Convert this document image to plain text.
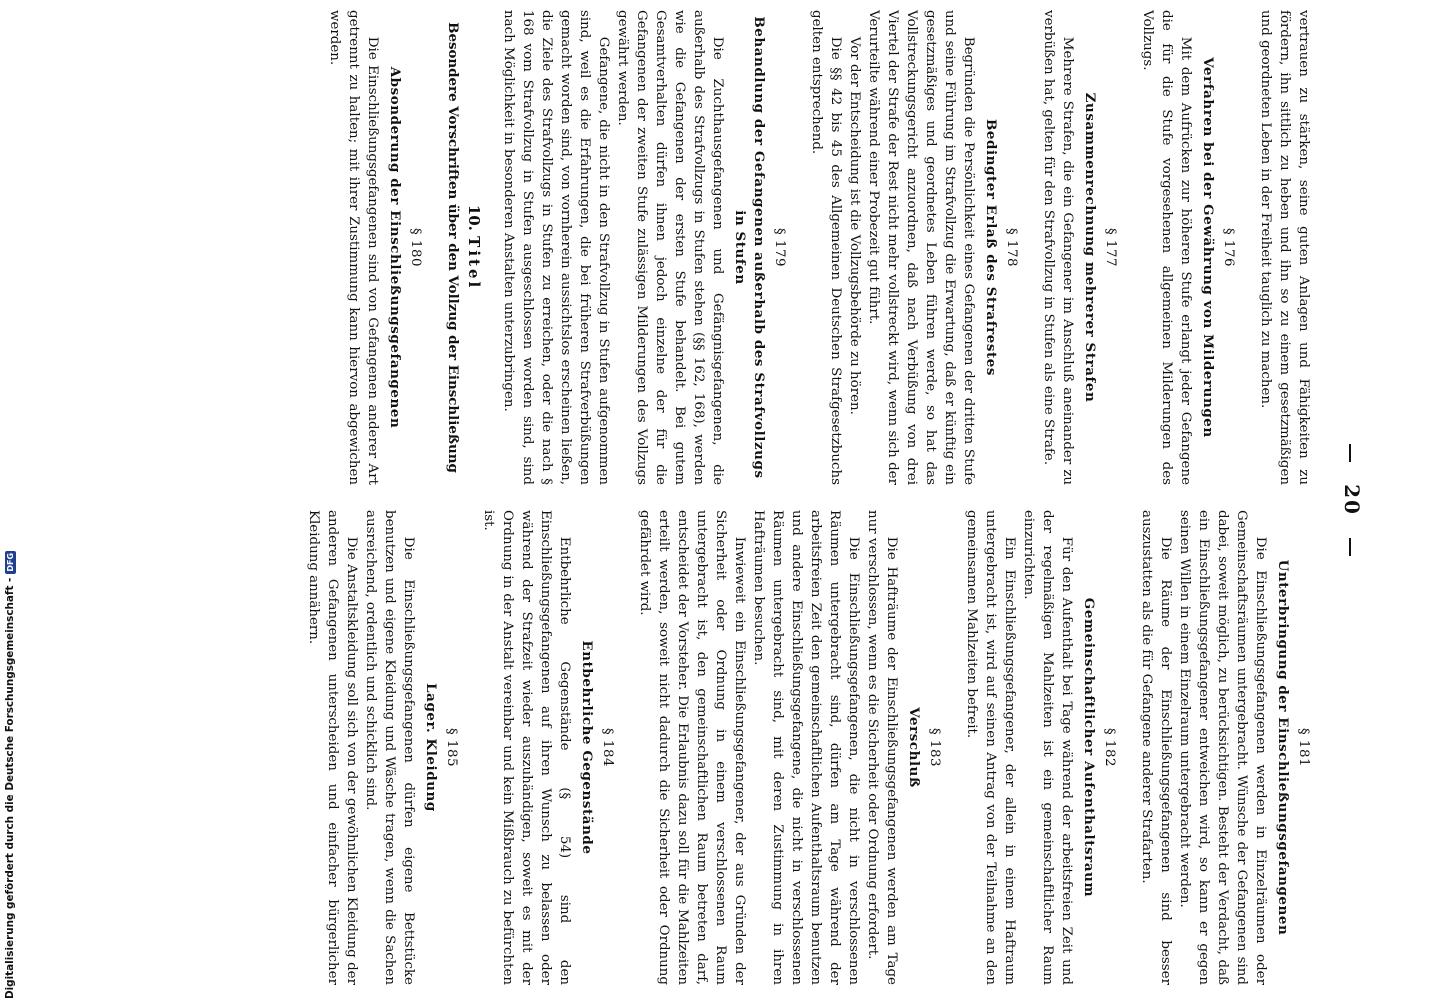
20
vertrauen zu stärken, seine guten Anlagen und Fähigkeiten zu fördern, ihn sittlich zu heben und ihn so zu einem gesetzmäßigen und geordneten Leben in der Freiheit tauglich zu machen.
§ 176
Verfahren bei der Gewährung von Milderungen
Mit dem Aufrücken zur höheren Stufe erlangt jeder Gefangene die für die Stufe vorgesehenen allgemeinen Milderungen des Vollzugs.
§ 177
Zusammenrechnung mehrerer Strafen
Mehrere Strafen, die ein Gefangener im Anschluß aneinander zu verbüßen hat, gelten für den Strafvollzug in Stufen als eine Strafe.
§ 178
Bedingter Erlaß des Strafrestes
Begründen die Persönlichkeit eines Gefangenen der dritten Stufe und seine Führung im Strafvollzug die Erwartung, daß er künftig ein gesetzmäßiges und geordnetes Leben führen werde, so hat das Vollstreckungsgericht anzuordnen, daß nach Verbüßung von drei Viertel der Strafe der Rest nicht mehr vollstreckt wird, wenn sich der Verurteilte während einer Probezeit gut führt.
Vor der Entscheidung ist die Vollzugsbehörde zu hören.
Die §§ 42 bis 45 des Allgemeinen Deutschen Strafgesetzbuchs gelten entsprechend.
§ 179
Behandlung der Gefangenen außerhalb des Strafvollzugs in Stufen
Die Zuchthausgefangenen und Gefängnisgefangenen, die außerhalb des Strafvollzugs in Stufen stehen (§§ 162, 168), werden wie die Gefangenen der ersten Stufe behandelt. Bei gutem Gesamtverhalten dürfen ihnen jedoch einzelne der für die Gefangenen der zweiten Stufe zulässigen Milderungen des Vollzugs gewährt werden.
Gefangene, die nicht in den Strafvollzug in Stufen aufgenommen sind, weil es die Erfahrungen, die bei früheren Strafverbüßungen gemacht worden sind, von vornherein aussichtslos erscheinen ließen, die Ziele des Strafvollzugs in Stufen zu erreichen, oder die nach § 168 vom Strafvollzug in Stufen ausgeschlossen worden sind, sind nach Möglichkeit in besonderen Anstalten unterzubringen.
10. Titel
Besondere Vorschriften über den Vollzug der Einschließung
§ 180
Absonderung der Einschließungsgefangenen
Die Einschließungsgefangenen sind von Gefangenen anderer Art getrennt zu halten; mit ihrer Zustimmung kann hiervon abgewichen werden.
§ 181
Unterbringung der Einschließungsgefangenen
Die Einschließungsgefangenen werden in Einzelräumen oder Gemeinschaftsräumen untergebracht. Wünsche der Gefangenen sind dabei, soweit möglich, zu berücksichtigen. Besteht der Verdacht, daß ein Einschließungsgefangener entweichen wird, so kann er gegen seinen Willen in einem Einzelraum untergebracht werden.
Die Räume der Einschließungsgefangenen sind besser auszustatten als die für Gefangene anderer Strafarten.
§ 182
Gemeinschaftlicher Aufenthaltsraum
Für den Aufenthalt bei Tage während der arbeitsfreien Zeit und der regelmäßigen Mahlzeiten ist ein gemeinschaftlicher Raum einzurichten.
Ein Einschließungsgefangener, der allein in einem Haftraum untergebracht ist, wird auf seinen Antrag von der Teilnahme an den gemeinsamen Mahlzeiten befreit.
§ 183
Verschluß
Die Hafträume der Einschließungsgefangenen werden am Tage nur verschlossen, wenn es die Sicherheit oder Ordnung erfordert.
Die Einschließungsgefangenen, die nicht in verschlossenen Räumen untergebracht sind, dürfen am Tage während der arbeitsfreien Zeit den gemeinschaftlichen Aufenthaltsraum benutzen und andere Einschließungsgefangene, die nicht in verschlossenen Räumen untergebracht sind, mit deren Zustimmung in ihren Hafträumen besuchen.
Inwieweit ein Einschließungsgefangener, der aus Gründen der Sicherheit oder Ordnung in einem verschlossenen Raum untergebracht ist, den gemeinschaftlichen Raum betreten darf, entscheidet der Vorsteher. Die Erlaubnis dazu soll für die Mahlzeiten erteilt werden, soweit nicht dadurch die Sicherheit oder Ordnung gefährdet wird.
§ 184
Entbehrliche Gegenstände
Entbehrliche Gegenstände (§ 54) sind den Einschließungsgefangenen auf ihren Wunsch zu belassen oder während der Strafzeit wieder auszuhändigen, soweit es mit der Ordnung in der Anstalt vereinbar und kein Mißbrauch zu befürchten ist.
§ 185
Lager. Kleidung
Die Einschließungsgefangenen dürfen eigene Bettstücke benutzen und eigene Kleidung und Wäsche tragen, wenn die Sachen ausreichend, ordentlich und schicklich sind.
Die Anstaltskleidung soll sich von der gewöhnlichen Kleidung der anderen Gefangenen unterscheiden und einfacher bürgerlicher Kleidung annähern.
Digitalisierung gefördert durch die Deutsche Forschungsgemeinschaft -DFG
